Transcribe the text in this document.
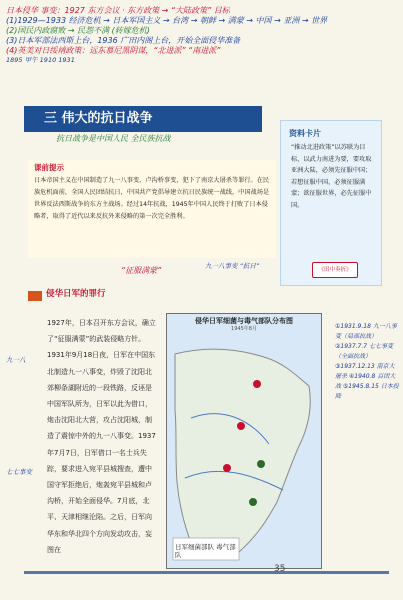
日本侵华 事变：1927 东方会议 · 东方政策 → “大陆政策” 目标
(1)1929—1933 经济危机 → 日本军国主义 → 台湾 → 朝鲜 → 满蒙 → 中国 → 亚洲 → 世界
(2)国民内政腐败 → 民怨不满 (转嫁危机)
(3)日本军部法西斯上台，1936 广田内阁上台，开始全面侵华准备
(4)英美对日绥靖政策：远东慕尼黑阴谋，“北进派” “南进派”
1895 甲午 1910 1931
三 伟大的抗日战争
抗日战争是中国人民 全民族抗战
课前提示
日本帝国主义在中国制造了九一八事变、卢沟桥事变，犯下了南京大屠杀等罪行。在民族危机面前，全国人民团结抗日，中国共产党倡导建立抗日民族统一战线，中国战场是世界反法西斯战争的东方主战场。经过14年抗战，1945年中国人民终于打败了日本侵略者，取得了近代以来反抗外来侵略的第一次完全胜利。
资料卡片
“推动北进政策”以苏联为目标，以武力南进为要，要攻取亚洲大陆，必须先征服中国；若想征服中国，必须征服满蒙；欲征服世界，必先征服中国。
《田中奏折》
“征服满蒙”	九一八事变 “抗日”
七七事变
九一八
侵华日军的罪行
1927年，日本召开东方会议，确立了“征服满蒙”的武装侵略方针。1931年9月18日夜，日军在中国东北制造九一八事变，炸毁了沈阳北郊柳条湖附近的一段铁路，反诬是中国军队所为，日军以此为借口，炮击沈阳北大营，攻占沈阳城，制造了震惊中外的九一八事变。1937年7月7日，日军借口一名士兵失踪，要求进入宛平县城搜查，遭中国守军拒绝后，炮轰宛平县城和卢沟桥，开始全面侵华。7月底，北平、天津相继沦陷。之后，日军向华东和华北四个方向发动攻击，妄图在
侵华日军细菌与毒气部队分布图
1945年8月
日军细菌部队 毒气部队
①1931.9.18 九一八事变（局部抗战） ②1937.7.7 七七事变（全面抗战） ③1937.12.13 南京大屠杀 ④1940.8 百团大战 ⑤1945.8.15 日本投降
35
